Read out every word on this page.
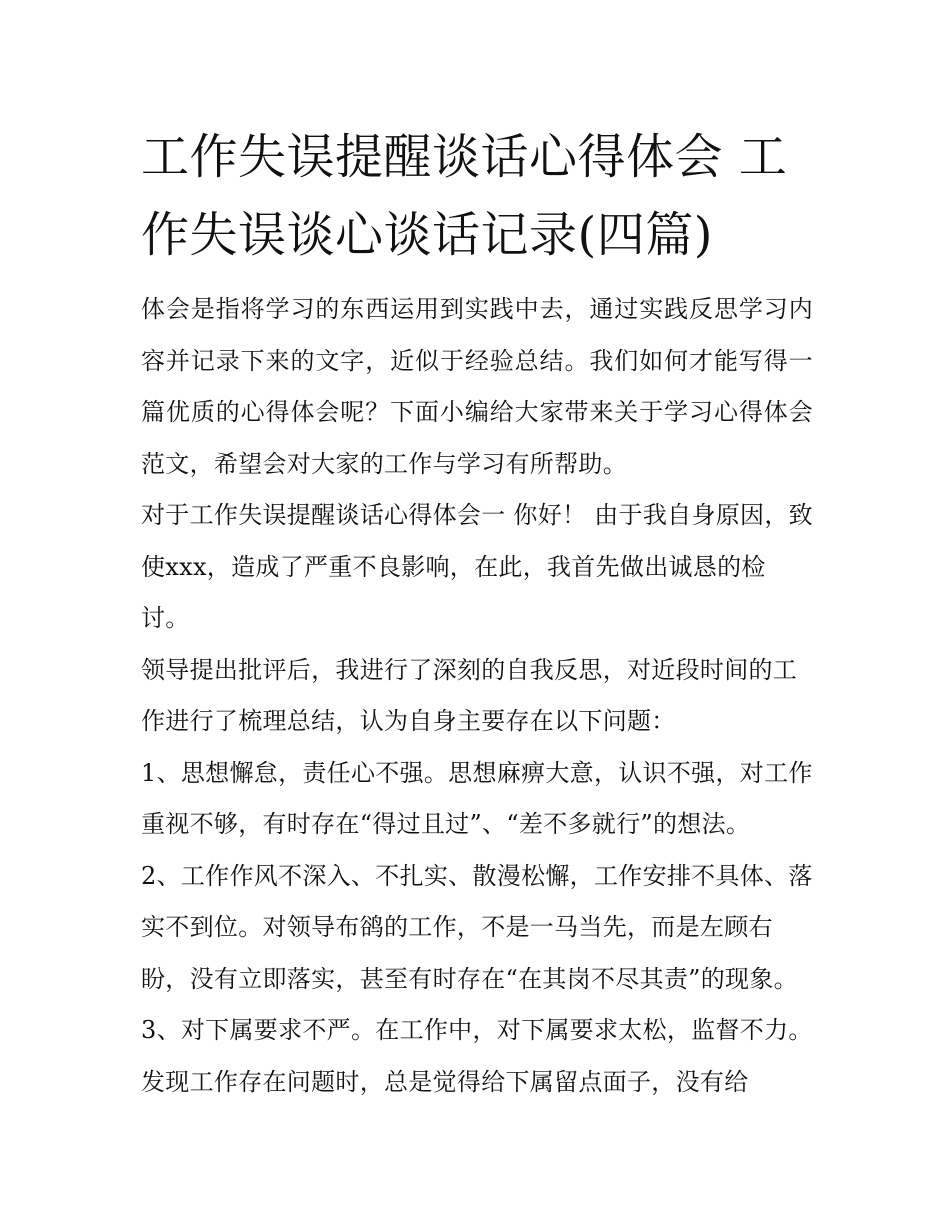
工作失误提醒谈话心得体会 工作失误谈心谈话记录(四篇)

体会是指将学习的东西运用到实践中去，通过实践反思学习内容并记录下来的文字，近似于经验总结。我们如何才能写得一篇优质的心得体会呢？下面小编给大家带来关于学习心得体会范文，希望会对大家的工作与学习有所帮助。

对于工作失误提醒谈话心得体会一 你好！ 由于我自身原因，致使xxx，造成了严重不良影响，在此，我首先做出诚恳的检讨。

领导提出批评后，我进行了深刻的自我反思，对近段时间的工作进行了梳理总结，认为自身主要存在以下问题：

1、思想懈怠，责任心不强。思想麻痹大意，认识不强，对工作重视不够，有时存在“得过且过”、“差不多就行”的想法。

2、工作作风不深入、不扎实、散漫松懈，工作安排不具体、落实不到位。对领导布鹆的工作，不是一马当先，而是左顾右盼，没有立即落实，甚至有时存在“在其岗不尽其责”的现象。

3、对下属要求不严。在工作中，对下属要求太松，监督不力。发现工作存在问题时，总是觉得给下属留点面子，没有给
